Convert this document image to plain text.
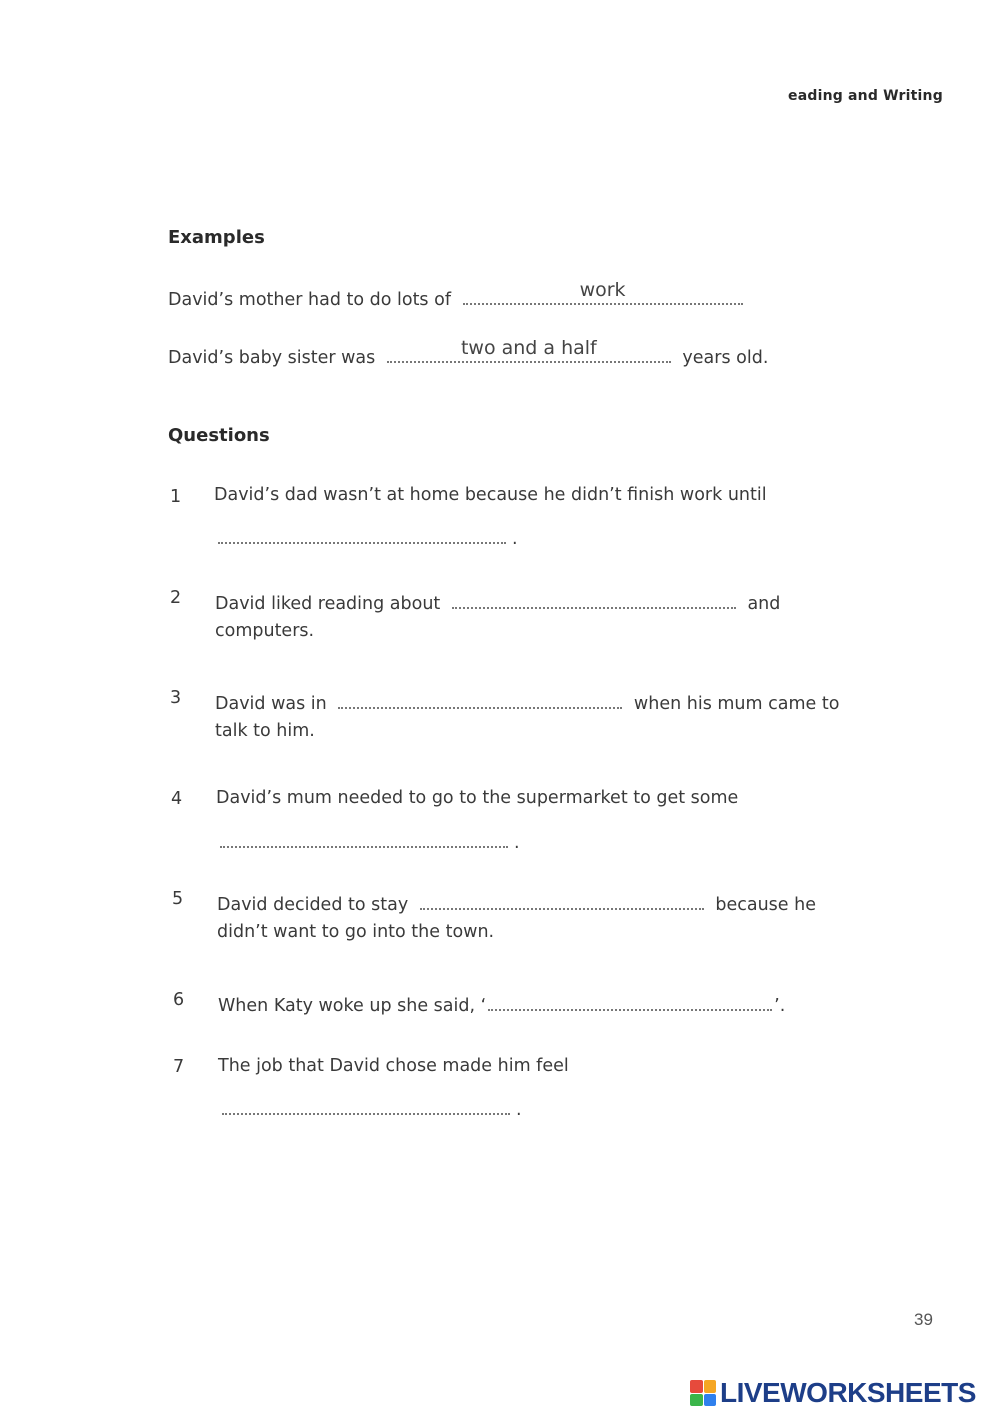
eading and Writing
Examples
David’s mother had to do lots of	work
David’s baby sister was	two and a half	years old.
Questions
1 David’s dad wasn’t at home because he didn’t finish work until
.
2 David liked reading about	and
computers.
3 David was in	when his mum came to
talk to him.
4 David’s mum needed to go to the supermarket to get some
.
5 David decided to stay	because he
didn’t want to go into the town.
6 When Katy woke up she said, ‘	’.
7 The job that David chose made him feel
.
39
LIVEWORKSHEETS
